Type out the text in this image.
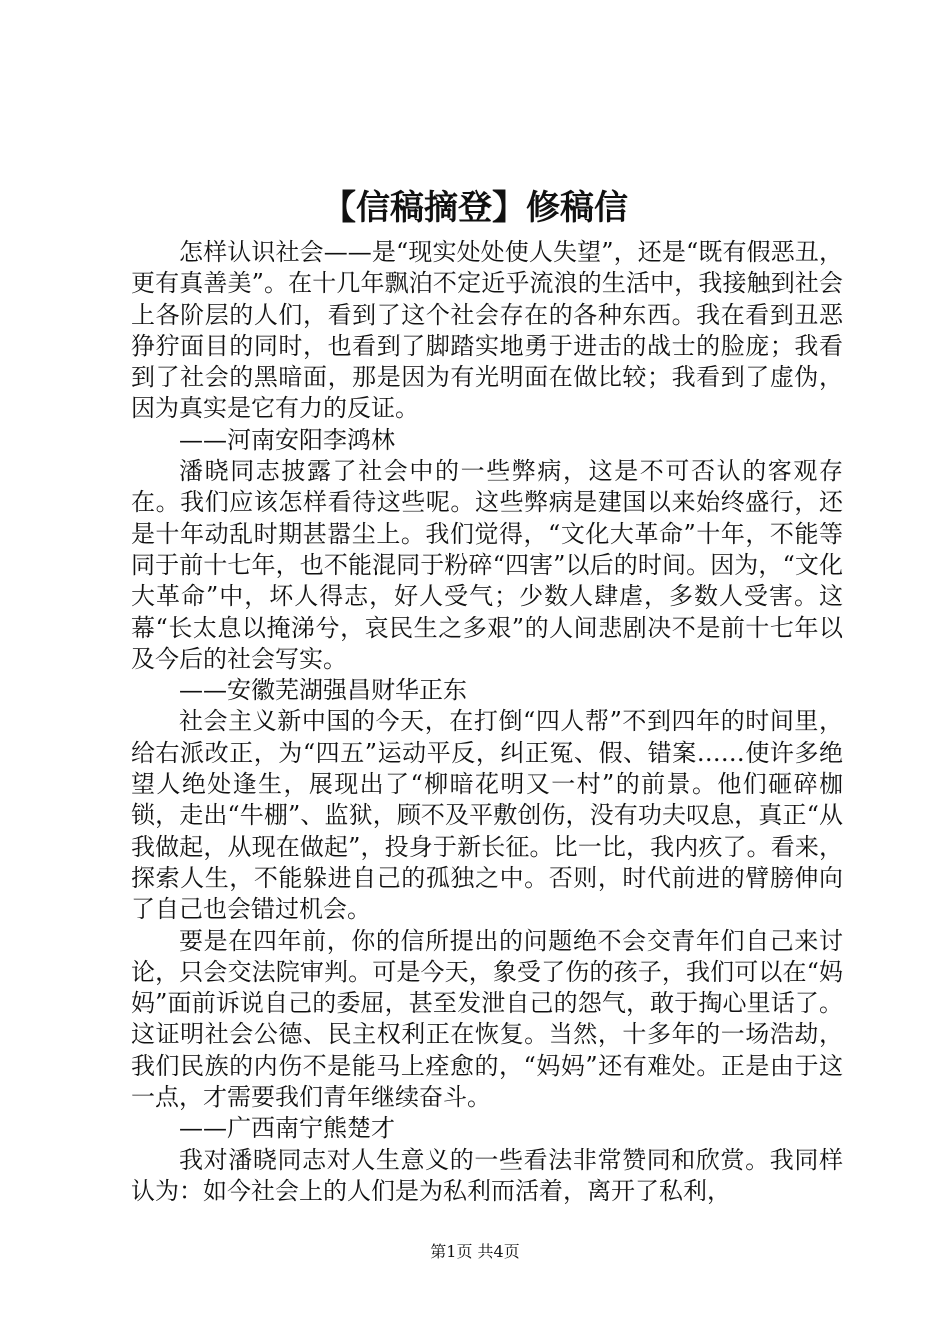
【信稿摘登】修稿信

怎样认识社会——是“现实处处使人失望”，还是“既有假恶丑，更有真善美”。在十几年飘泊不定近乎流浪的生活中，我接触到社会上各阶层的人们，看到了这个社会存在的各种东西。我在看到丑恶狰狞面目的同时，也看到了脚踏实地勇于进击的战士的脸庞；我看到了社会的黑暗面，那是因为有光明面在做比较；我看到了虚伪，因为真实是它有力的反证。

——河南安阳李鸿林

潘晓同志披露了社会中的一些弊病，这是不可否认的客观存在。我们应该怎样看待这些呢。这些弊病是建国以来始终盛行，还是十年动乱时期甚嚣尘上。我们觉得，“文化大革命”十年，不能等同于前十七年，也不能混同于粉碎“四害”以后的时间。因为，“文化大革命”中，坏人得志，好人受气；少数人肆虐，多数人受害。这幕“长太息以掩涕兮，哀民生之多艰”的人间悲剧决不是前十七年以及今后的社会写实。

——安徽芜湖强昌财华正东

社会主义新中国的今天，在打倒“四人帮”不到四年的时间里，给右派改正，为“四五”运动平反，纠正冤、假、错案……使许多绝望人绝处逢生，展现出了“柳暗花明又一村”的前景。他们砸碎枷锁，走出“牛棚”、监狱，顾不及平敷创伤，没有功夫叹息，真正“从我做起，从现在做起”，投身于新长征。比一比，我内疚了。看来，探索人生，不能躲进自己的孤独之中。否则，时代前进的臂膀伸向了自己也会错过机会。

要是在四年前，你的信所提出的问题绝不会交青年们自己来讨论，只会交法院审判。可是今天，象受了伤的孩子，我们可以在“妈妈”面前诉说自己的委屈，甚至发泄自己的怨气，敢于掏心里话了。这证明社会公德、民主权利正在恢复。当然，十多年的一场浩劫，我们民族的内伤不是能马上痊愈的，“妈妈”还有难处。正是由于这一点，才需要我们青年继续奋斗。

——广西南宁熊楚才

我对潘晓同志对人生意义的一些看法非常赞同和欣赏。我同样认为：如今社会上的人们是为私利而活着，离开了私利，

第1页 共4页
